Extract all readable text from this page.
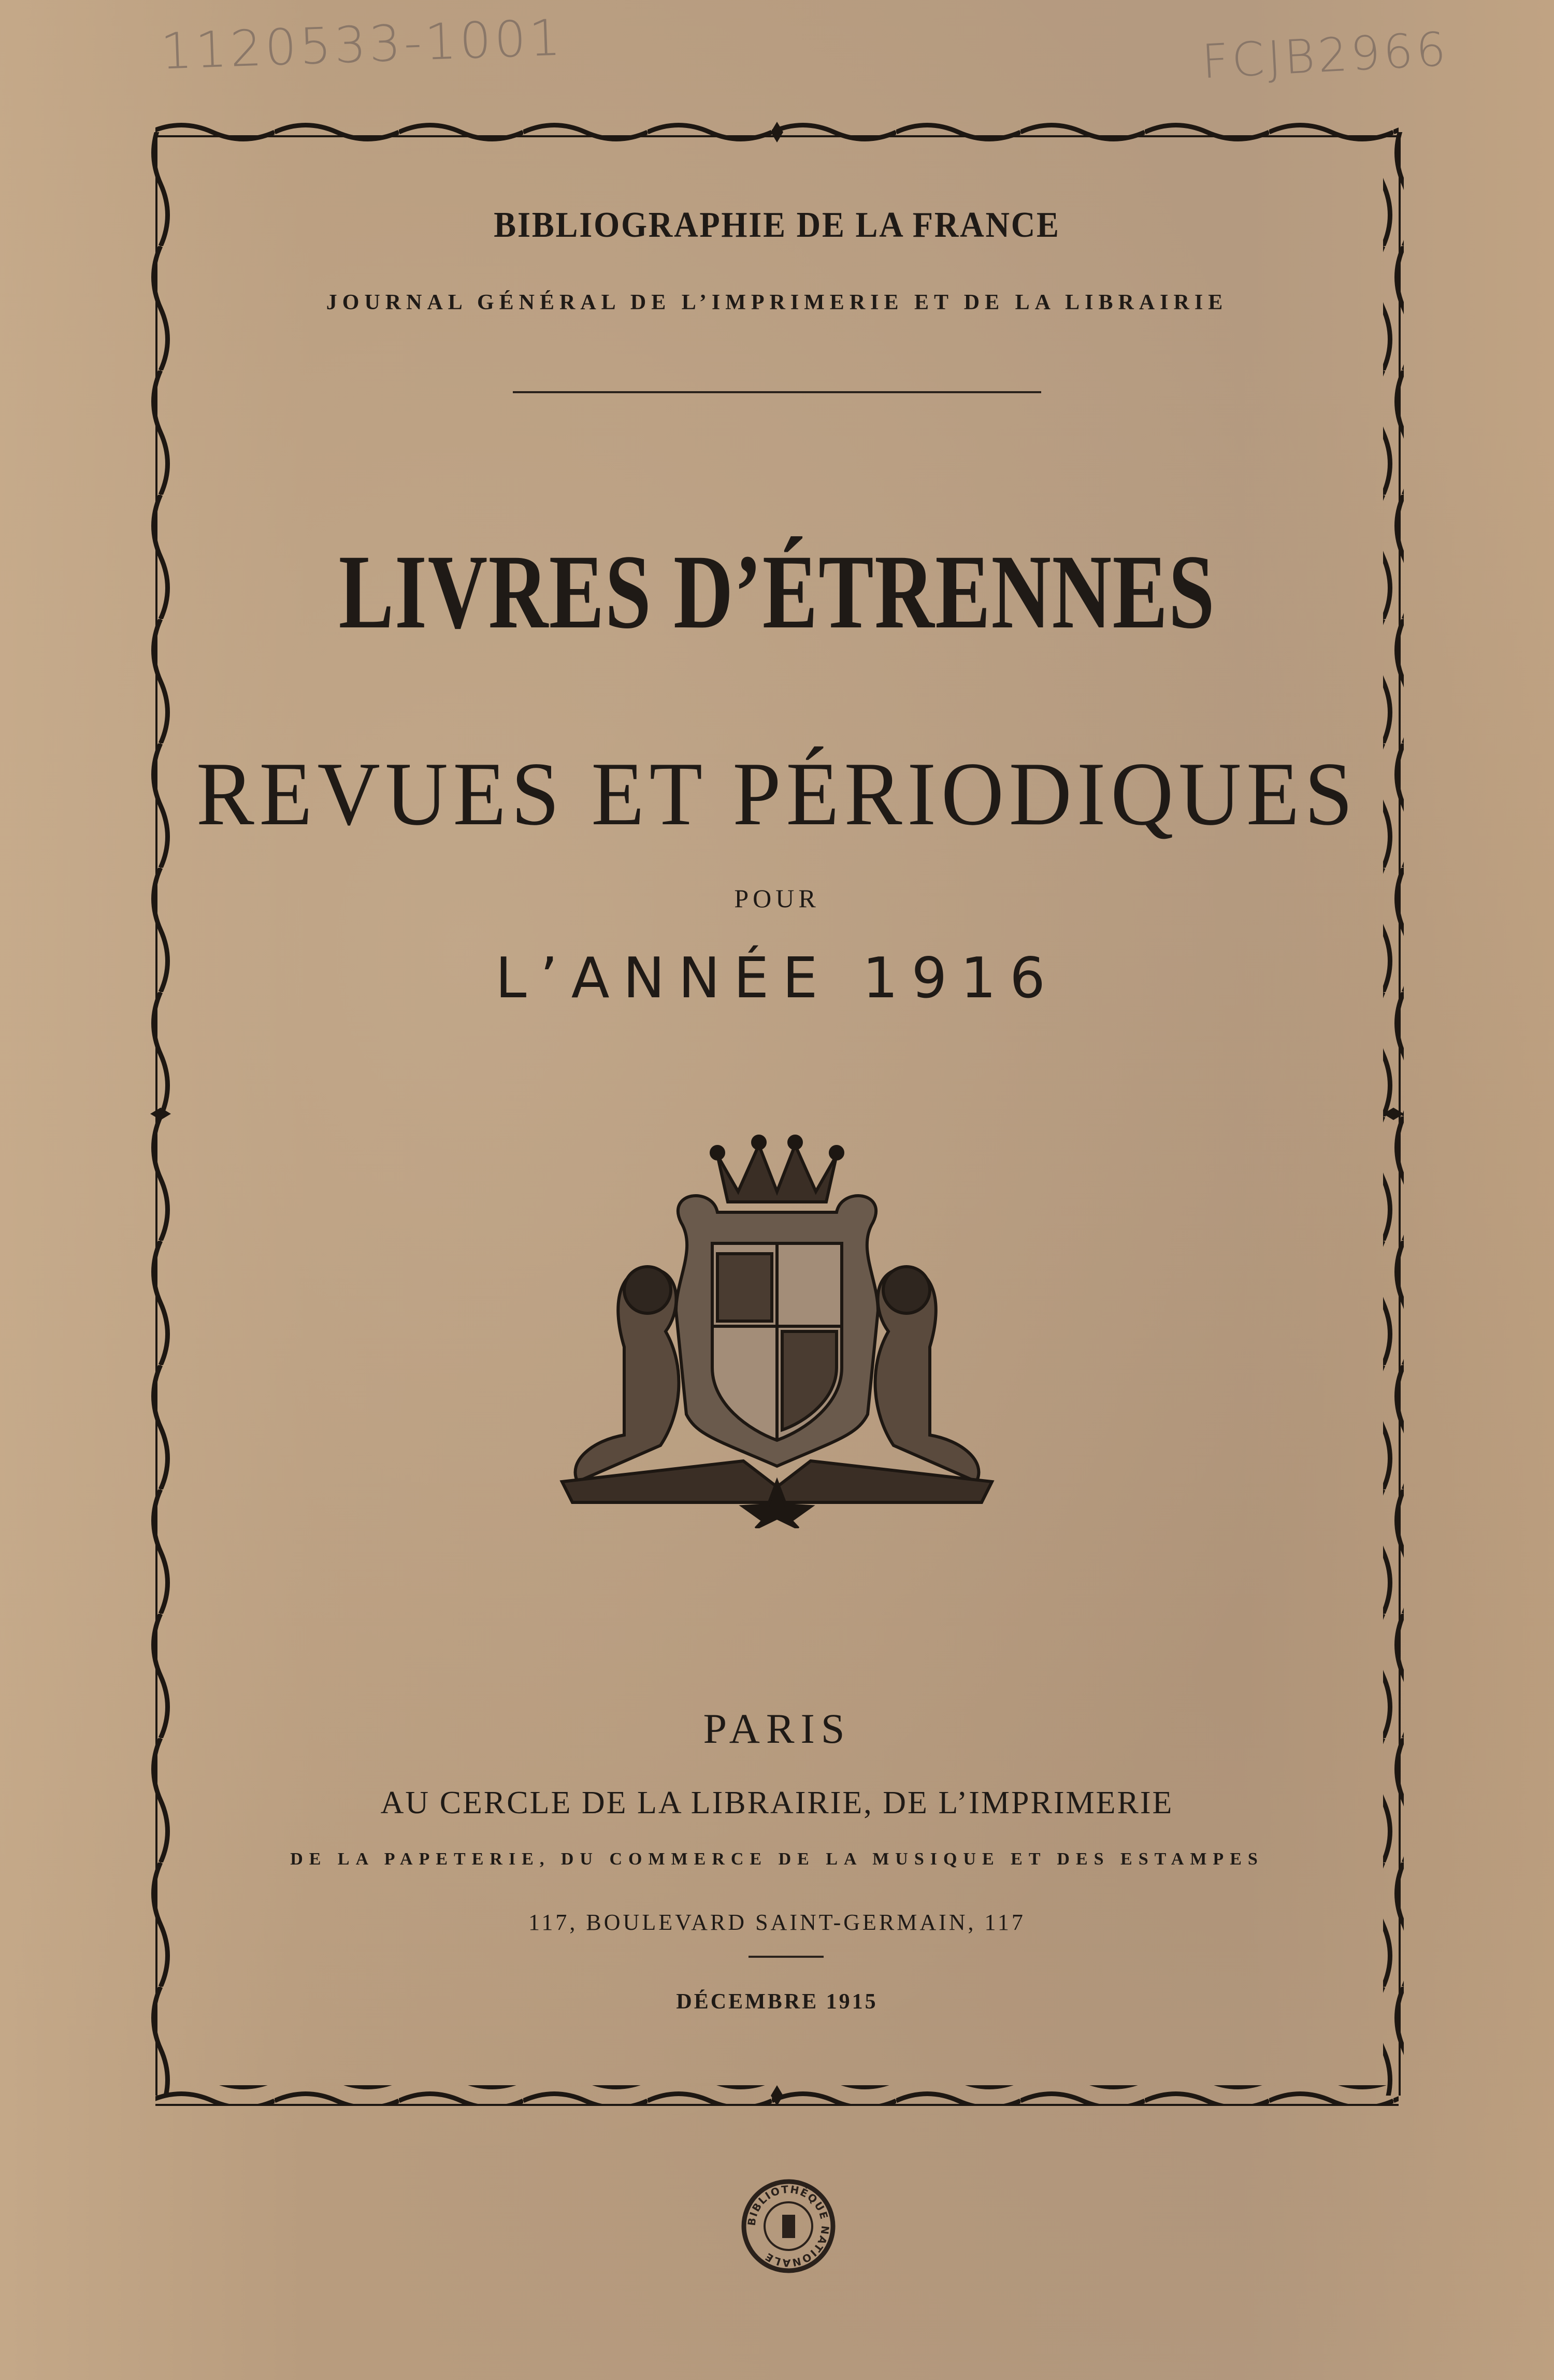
1120533-1001	FCJB2966
BIBLIOGRAPHIE DE LA FRANCE
JOURNAL GÉNÉRAL DE L’IMPRIMERIE ET DE LA LIBRAIRIE
LIVRES D’ÉTRENNES
REVUES ET PÉRIODIQUES
POUR
L’ANNÉE 1916
PARIS
AU CERCLE DE LA LIBRAIRIE, DE L’IMPRIMERIE
DE LA PAPETERIE, DU COMMERCE DE LA MUSIQUE ET DES ESTAMPES
117, BOULEVARD SAINT-GERMAIN, 117
DÉCEMBRE 1915
BIBLIOTHÈQUE NATIONALE
